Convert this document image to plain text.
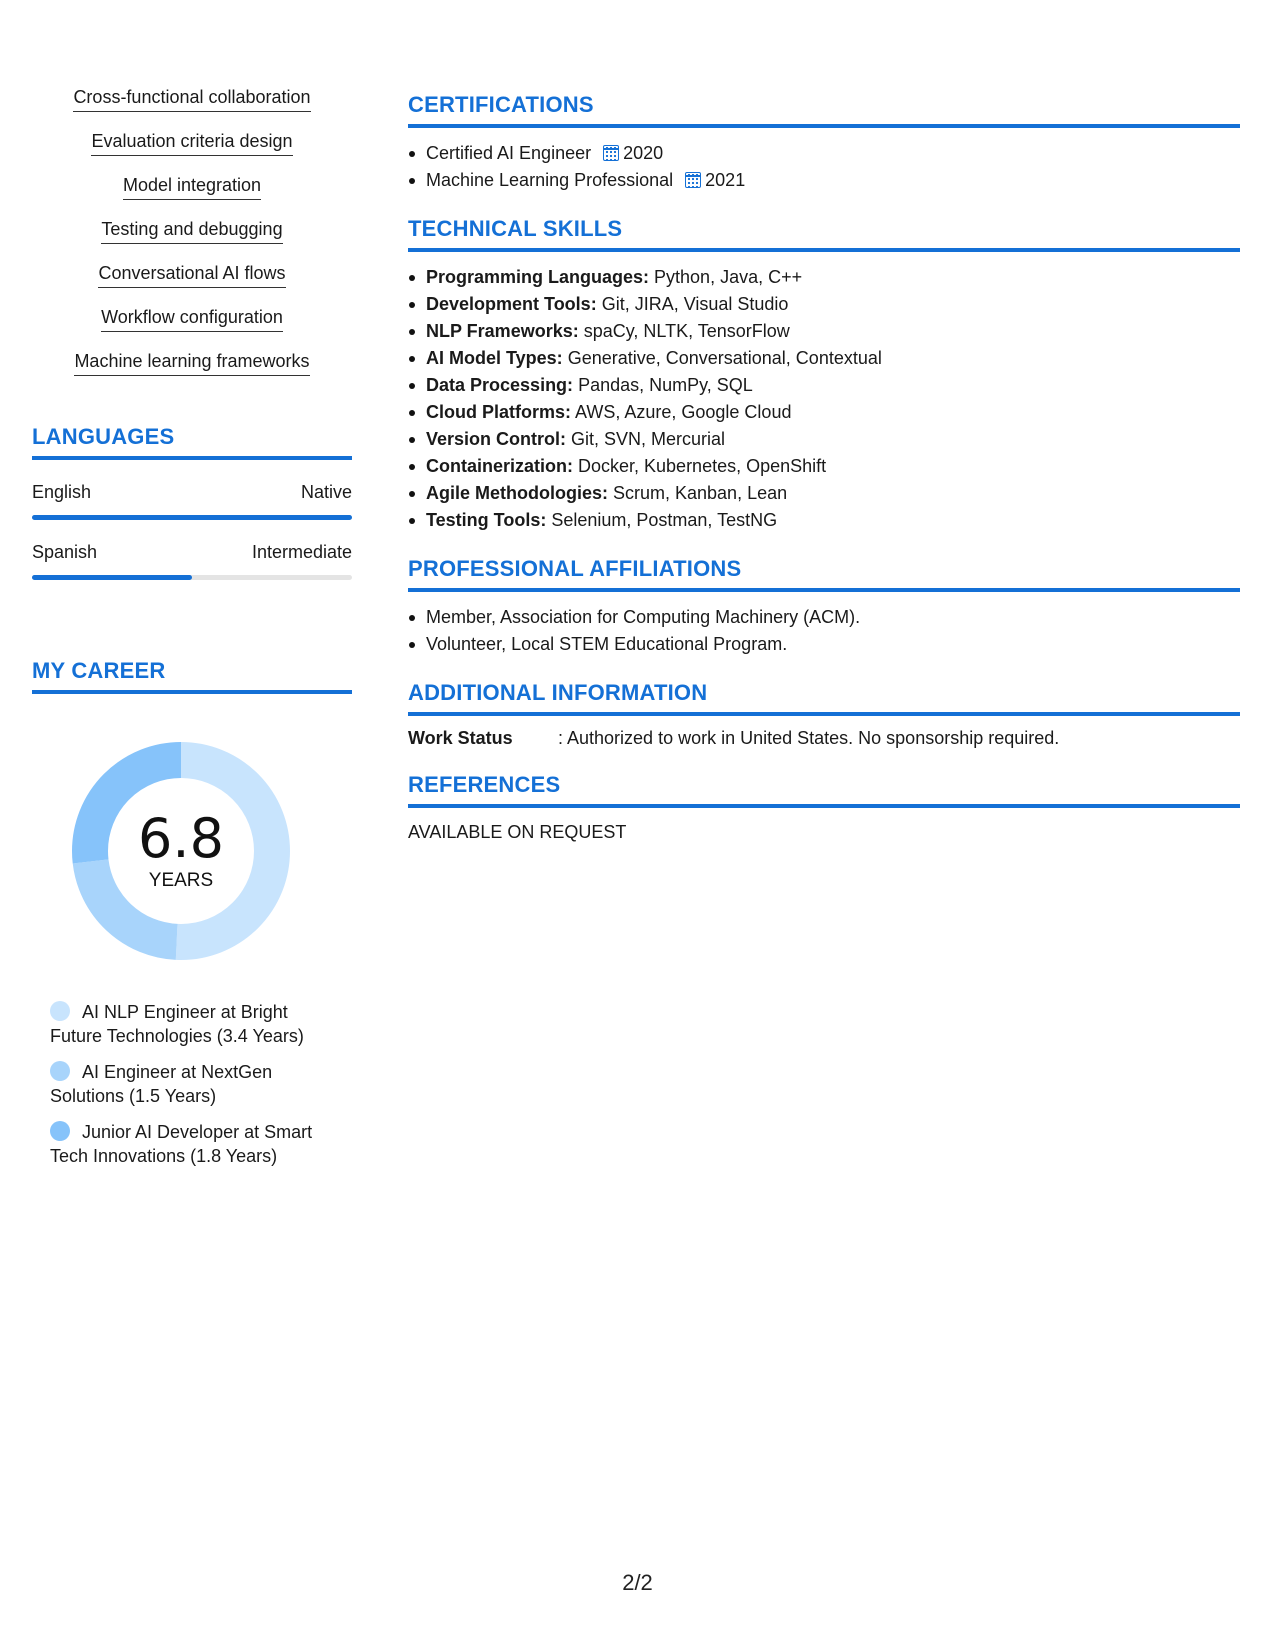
Cross-functional collaboration
Evaluation criteria design
Model integration
Testing and debugging
Conversational AI flows
Workflow configuration
Machine learning frameworks
LANGUAGES
English	Native
Spanish	Intermediate
MY CAREER
6.8
YEARS
AI NLP Engineer at Bright Future Technologies (3.4 Years)
AI Engineer at NextGen Solutions (1.5 Years)
Junior AI Developer at Smart Tech Innovations (1.8 Years)
CERTIFICATIONS
Certified AI Engineer 2020
Machine Learning Professional 2021
TECHNICAL SKILLS
Programming Languages: Python, Java, C++
Development Tools: Git, JIRA, Visual Studio
NLP Frameworks: spaCy, NLTK, TensorFlow
AI Model Types: Generative, Conversational, Contextual
Data Processing: Pandas, NumPy, SQL
Cloud Platforms: AWS, Azure, Google Cloud
Version Control: Git, SVN, Mercurial
Containerization: Docker, Kubernetes, OpenShift
Agile Methodologies: Scrum, Kanban, Lean
Testing Tools: Selenium, Postman, TestNG
PROFESSIONAL AFFILIATIONS
Member, Association for Computing Machinery (ACM).
Volunteer, Local STEM Educational Program.
ADDITIONAL INFORMATION
Work Status	: Authorized to work in United States. No sponsorship required.
REFERENCES
AVAILABLE ON REQUEST
2/2
